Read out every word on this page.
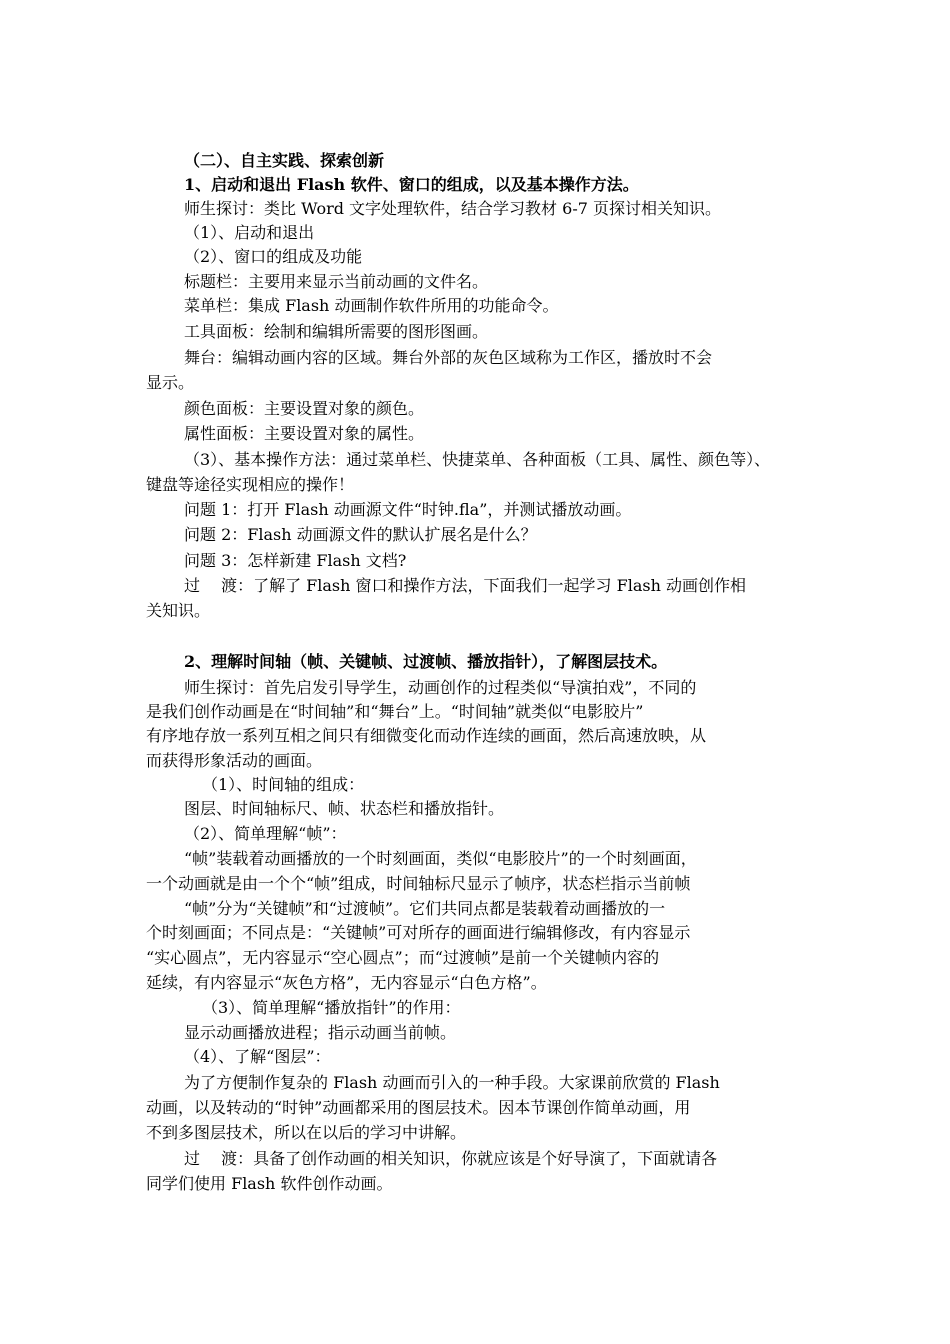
（二）、自主实践、探索创新
1、启动和退出 Flash 软件、窗口的组成，以及基本操作方法。
师生探讨：类比 Word 文字处理软件，结合学习教材 6-7 页探讨相关知识。
（1）、启动和退出
（2）、窗口的组成及功能
标题栏：主要用来显示当前动画的文件名。
菜单栏：集成 Flash 动画制作软件所用的功能命令。
工具面板：绘制和编辑所需要的图形图画。
舞台：编辑动画内容的区域。舞台外部的灰色区域称为工作区，播放时不会
显示。
颜色面板：主要设置对象的颜色。
属性面板：主要设置对象的属性。
（3）、基本操作方法：通过菜单栏、快捷菜单、各种面板（工具、属性、颜色等）、
键盘等途径实现相应的操作！
问题 1：打开 Flash 动画源文件“时钟.fla”，并测试播放动画。
问题 2：Flash 动画源文件的默认扩展名是什么？
问题 3：怎样新建 Flash 文档?
过　 渡：了解了 Flash 窗口和操作方法，下面我们一起学习 Flash 动画创作相
关知识。
2、理解时间轴（帧、关键帧、过渡帧、播放指针），了解图层技术。
师生探讨：首先启发引导学生，动画创作的过程类似“导演拍戏”，不同的
是我们创作动画是在“时间轴”和“舞台”上。“时间轴”就类似“电影胶片”
有序地存放一系列互相之间只有细微变化而动作连续的画面，然后高速放映，从
而获得形象活动的画面。
（1）、时间轴的组成：
图层、时间轴标尺、帧、状态栏和播放指针。
（2）、简单理解“帧”：
“帧”装载着动画播放的一个时刻画面，类似“电影胶片”的一个时刻画面，
一个动画就是由一个个“帧”组成，时间轴标尺显示了帧序，状态栏指示当前帧
“帧”分为“关键帧”和“过渡帧”。它们共同点都是装载着动画播放的一
个时刻画面；不同点是：“关键帧”可对所存的画面进行编辑修改，有内容显示
“实心圆点”，无内容显示“空心圆点”；而“过渡帧”是前一个关键帧内容的
延续，有内容显示“灰色方格”，无内容显示“白色方格”。
（3）、简单理解“播放指针”的作用：
显示动画播放进程；指示动画当前帧。
（4）、了解“图层”：
为了方便制作复杂的 Flash 动画而引入的一种手段。大家课前欣赏的 Flash
动画，以及转动的“时钟”动画都采用的图层技术。因本节课创作简单动画，用
不到多图层技术，所以在以后的学习中讲解。
过　 渡：具备了创作动画的相关知识，你就应该是个好导演了，下面就请各
同学们使用 Flash 软件创作动画。
